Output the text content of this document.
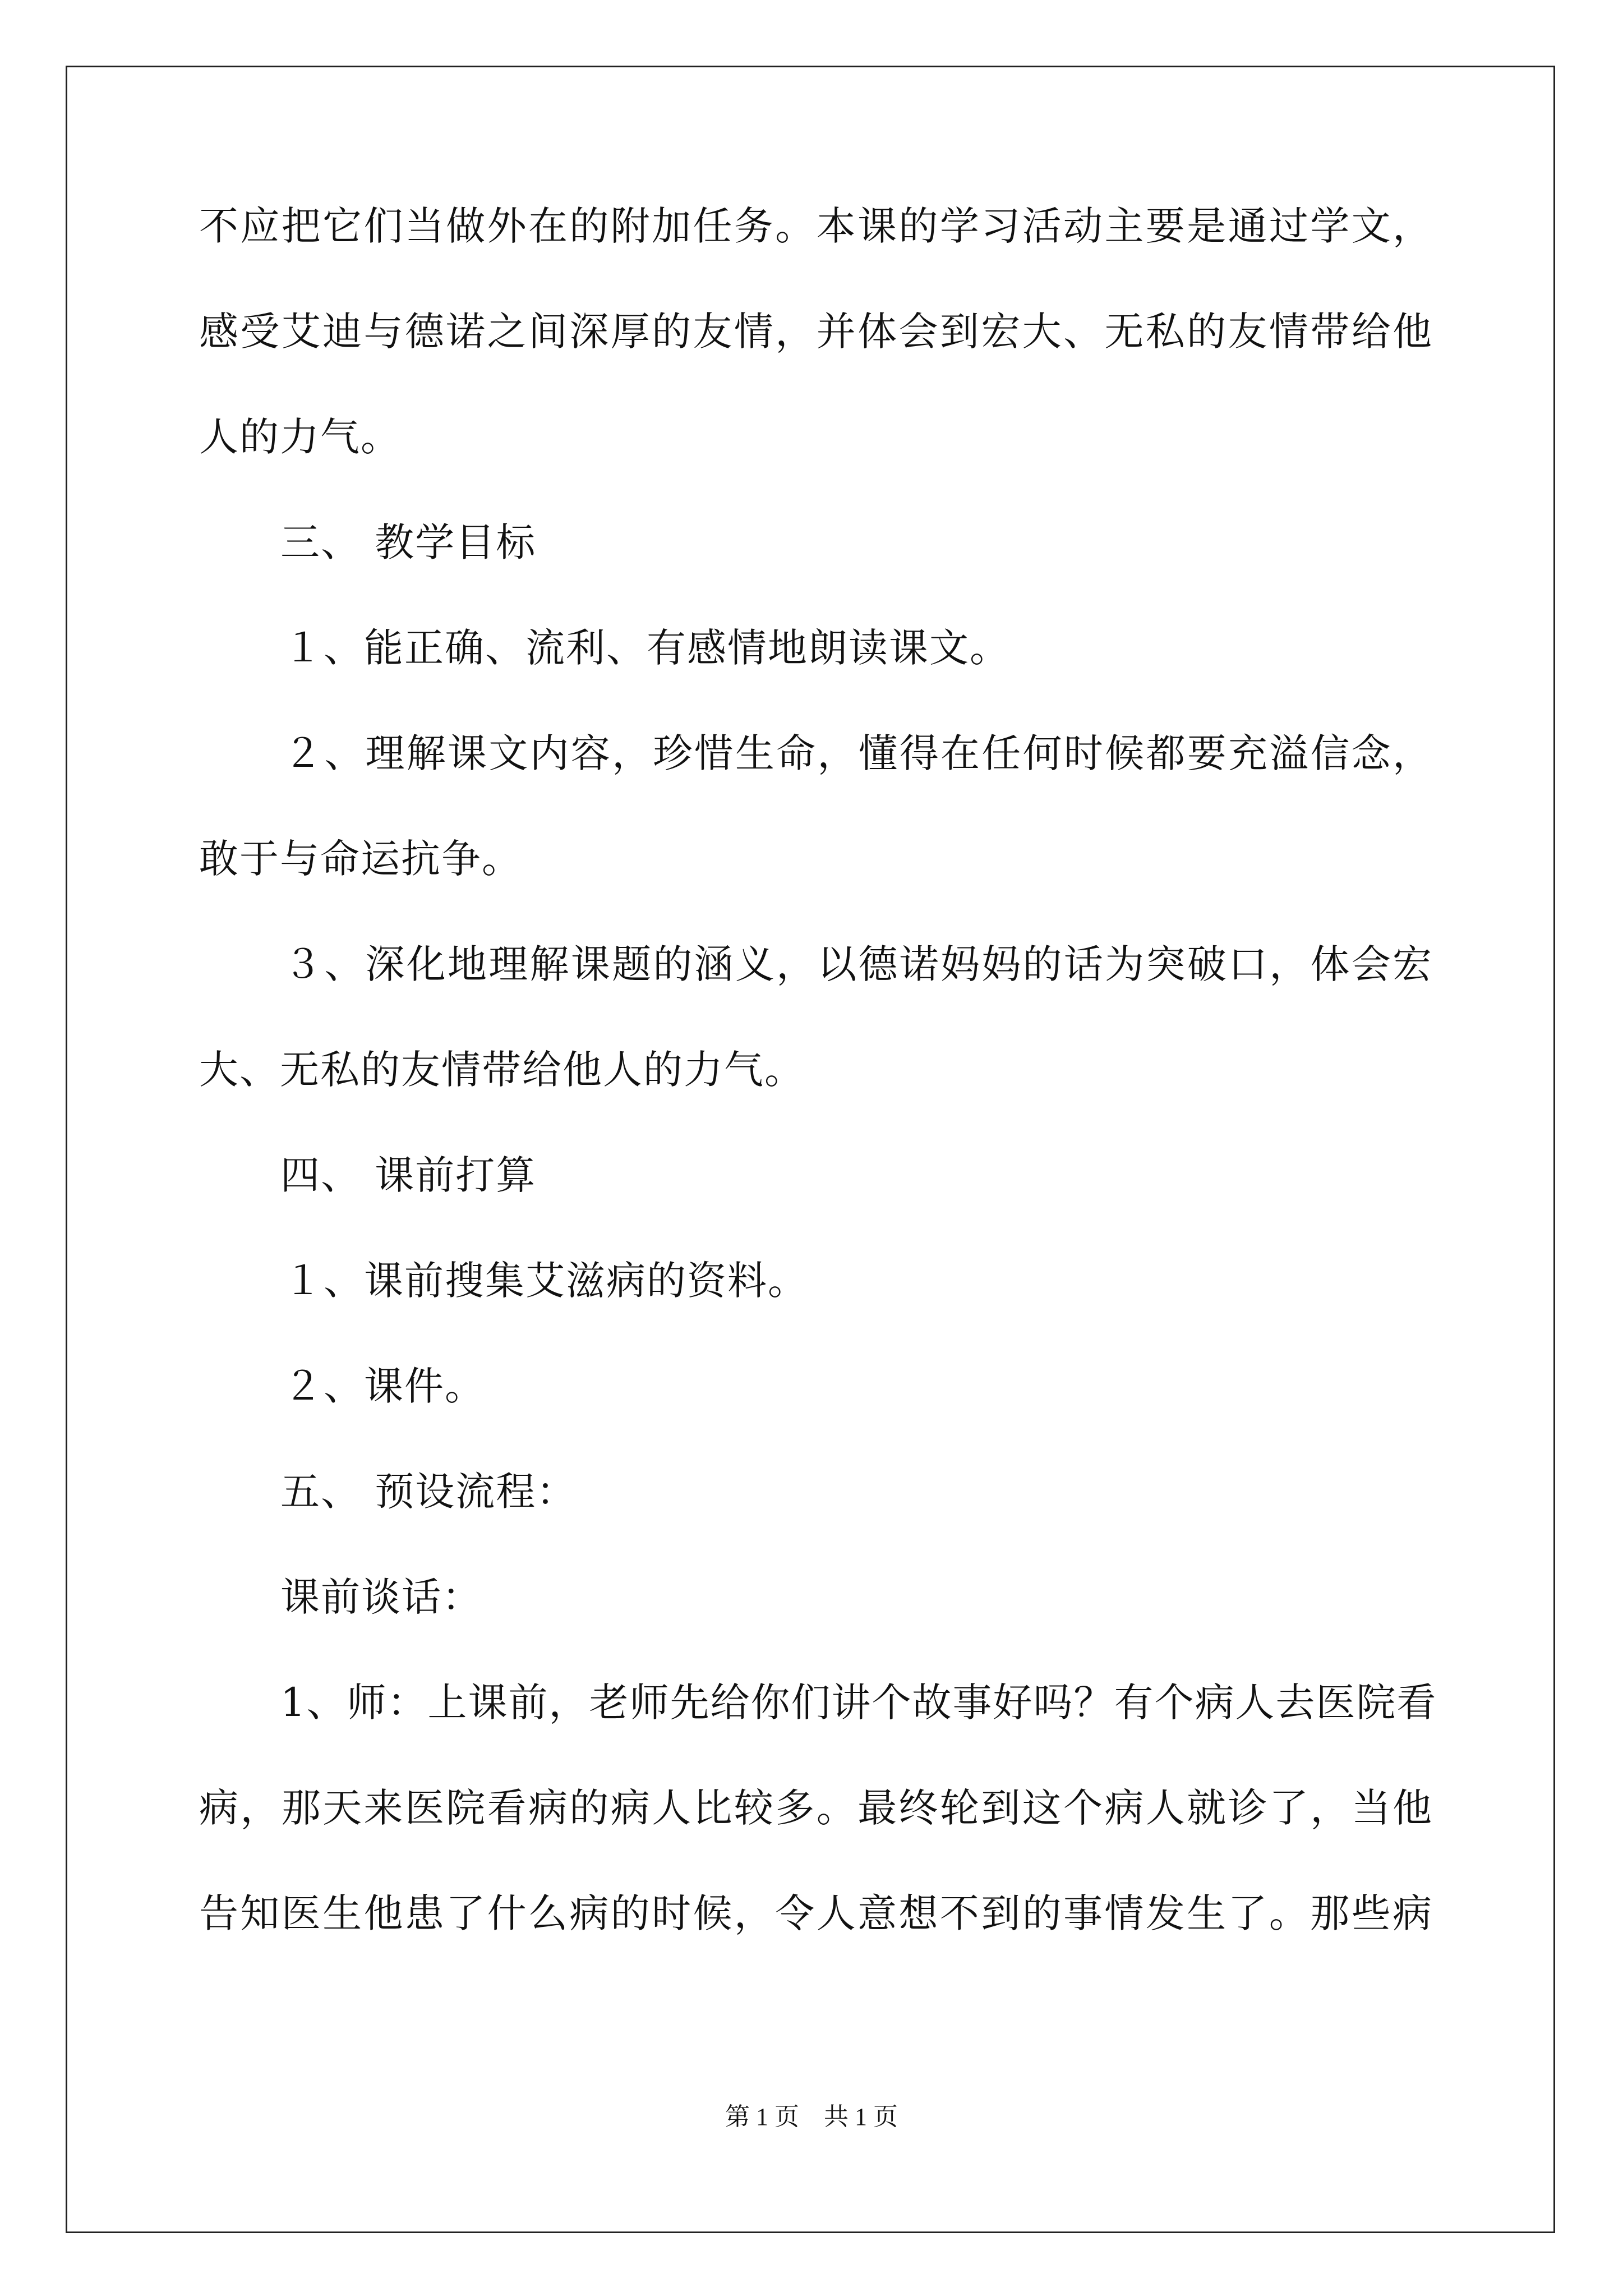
不应把它们当做外在的附加任务。本课的学习活动主要是通过学文，
感受艾迪与德诺之间深厚的友情，并体会到宏大、无私的友情带给他
人的力气。
三、 教学目标
１、能正确、流利、有感情地朗读课文。
２、理解课文内容，珍惜生命，懂得在任何时候都要充溢信念，
敢于与命运抗争。
３、深化地理解课题的涵义，以德诺妈妈的话为突破口，体会宏
大、无私的友情带给他人的力气。
四、 课前打算
１、课前搜集艾滋病的资料。
２、课件。
五、 预设流程：
课前谈话：
1、师：上课前，老师先给你们讲个故事好吗？有个病人去医院看
病，那天来医院看病的病人比较多。最终轮到这个病人就诊了，当他
告知医生他患了什么病的时候，令人意想不到的事情发生了。那些病
第 1 页　共 1 页
